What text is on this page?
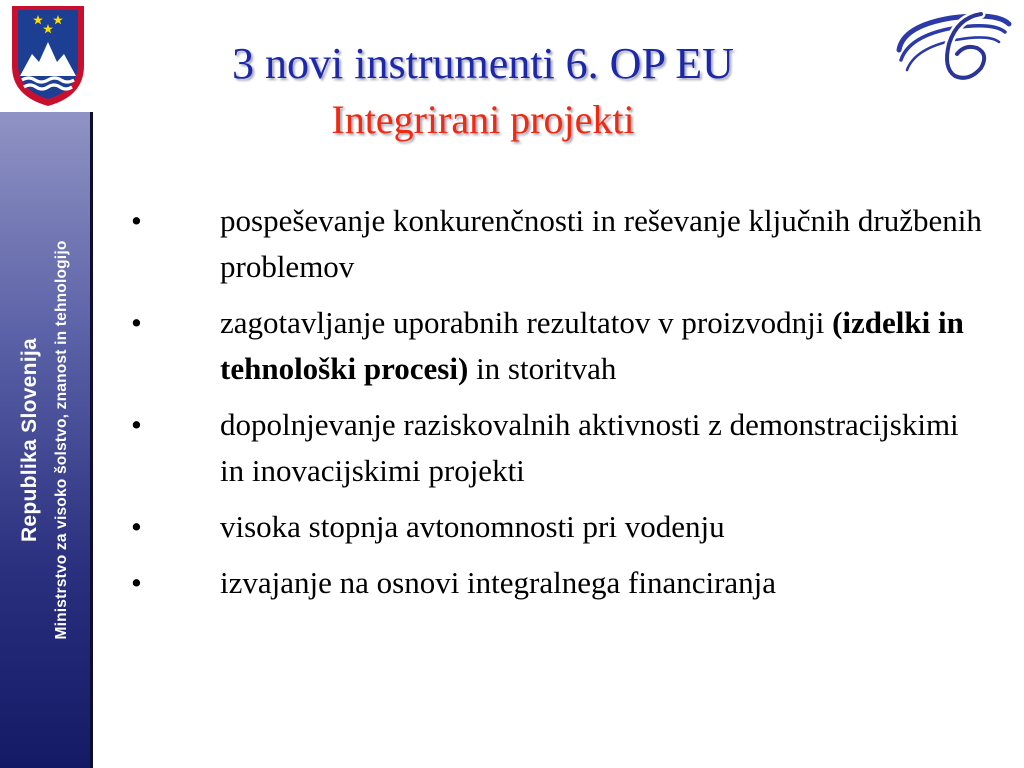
Republika Slovenija Ministrstvo za visoko šolstvo, znanost in tehnologijo
3 novi instrumenti 6. OP EU
Integrirani projekti
•	pospeševanje konkurenčnosti in reševanje ključnih družbenih problemov
•	zagotavljanje uporabnih rezultatov v proizvodnji (izdelki in tehnološki procesi) in storitvah
•	dopolnjevanje raziskovalnih aktivnosti z demonstracijskimi in inovacijskimi projekti
•	visoka stopnja avtonomnosti pri vodenju
•	izvajanje na osnovi integralnega financiranja
